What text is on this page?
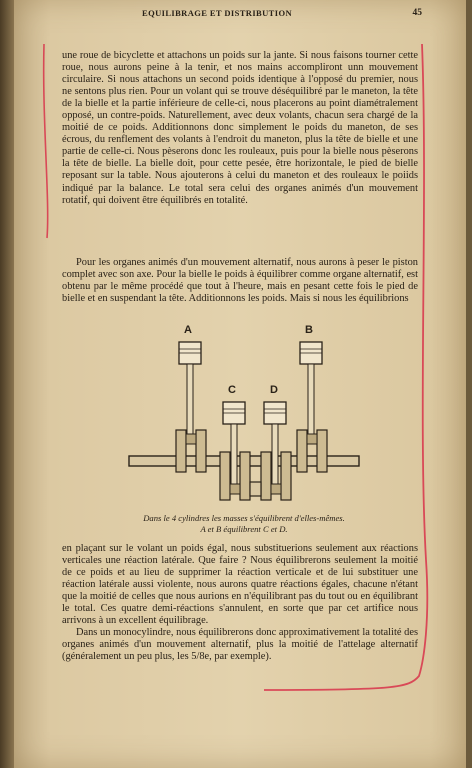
EQUILIBRAGE ET DISTRIBUTION	45

une roue de bicyclette et attachons un poids sur la jante. Si nous faisons tourner cette roue, nous aurons peine à la tenir, et nos mains accompliront unn mouvement circulaire. Si nous attachons un second poids identique à l'opposé du premier, nous ne sentons plus rien. Pour un volant qui se trouve déséquilibré par le maneton, la tête de la bielle et la partie inférieure de celle-ci, nous placerons au point diamétralement opposé, un contre-poids. Naturellement, avec deux volants, chacun sera chargé de la moitié de ce poids. Additionnons donc simplement le poids du maneton, de ses écrous, du renflement des volants à l'endroit du maneton, plus la tête de bielle et une partie de celle-ci. Nous pèserons donc les rouleaux, puis pour la bielle nous pèserons la tête de bielle. La bielle doit, pour cette pesée, être horizontale, le pied de bielle reposant sur la table. Nous ajouterons à celui du maneton et des rouleaux le poiids indiqué par la balance. Le total sera celui des organes animés d'un mouvement rotatif, qui doivent être équilibrés en totalité.

Pour les organes animés d'un mouvement alternatif, nous aurons à peser le piston complet avec son axe. Pour la bielle le poids à équilibrer comme organe alternatif, est obtenu par le même procédé que tout à l'heure, mais en pesant cette fois le pied de bielle et en suspendant la tête. Additionnons les poids. Mais si nous les équilibrions

A	B
C	D
Dans le 4 cylindres les masses s'équilibrent d'elles-mêmes.
A et B équilibrent C et D.

en plaçant sur le volant un poids égal, nous substituerions seulement aux réactions verticales une réaction latérale. Que faire ? Nous équilibrerons seulement la moitié de ce poids et au lieu de supprimer la réaction verticale et de lui substituer une réaction latérale aussi violente, nous aurons quatre réactions égales, chacune n'étant que la moitié de celles que nous aurions en n'équilibrant pas du tout ou en équilibrant le total. Ces quatre demi-réactions s'annulent, en sorte que par cet artifice nous arrivons à un excellent équilibrage.

Dans un monocylindre, nous équilibrerons donc approximativement la totalité des organes animés d'un mouvement alternatif, plus la moitié de l'attelage alternatif (généralement un peu plus, les 5/8e, par exemple).
